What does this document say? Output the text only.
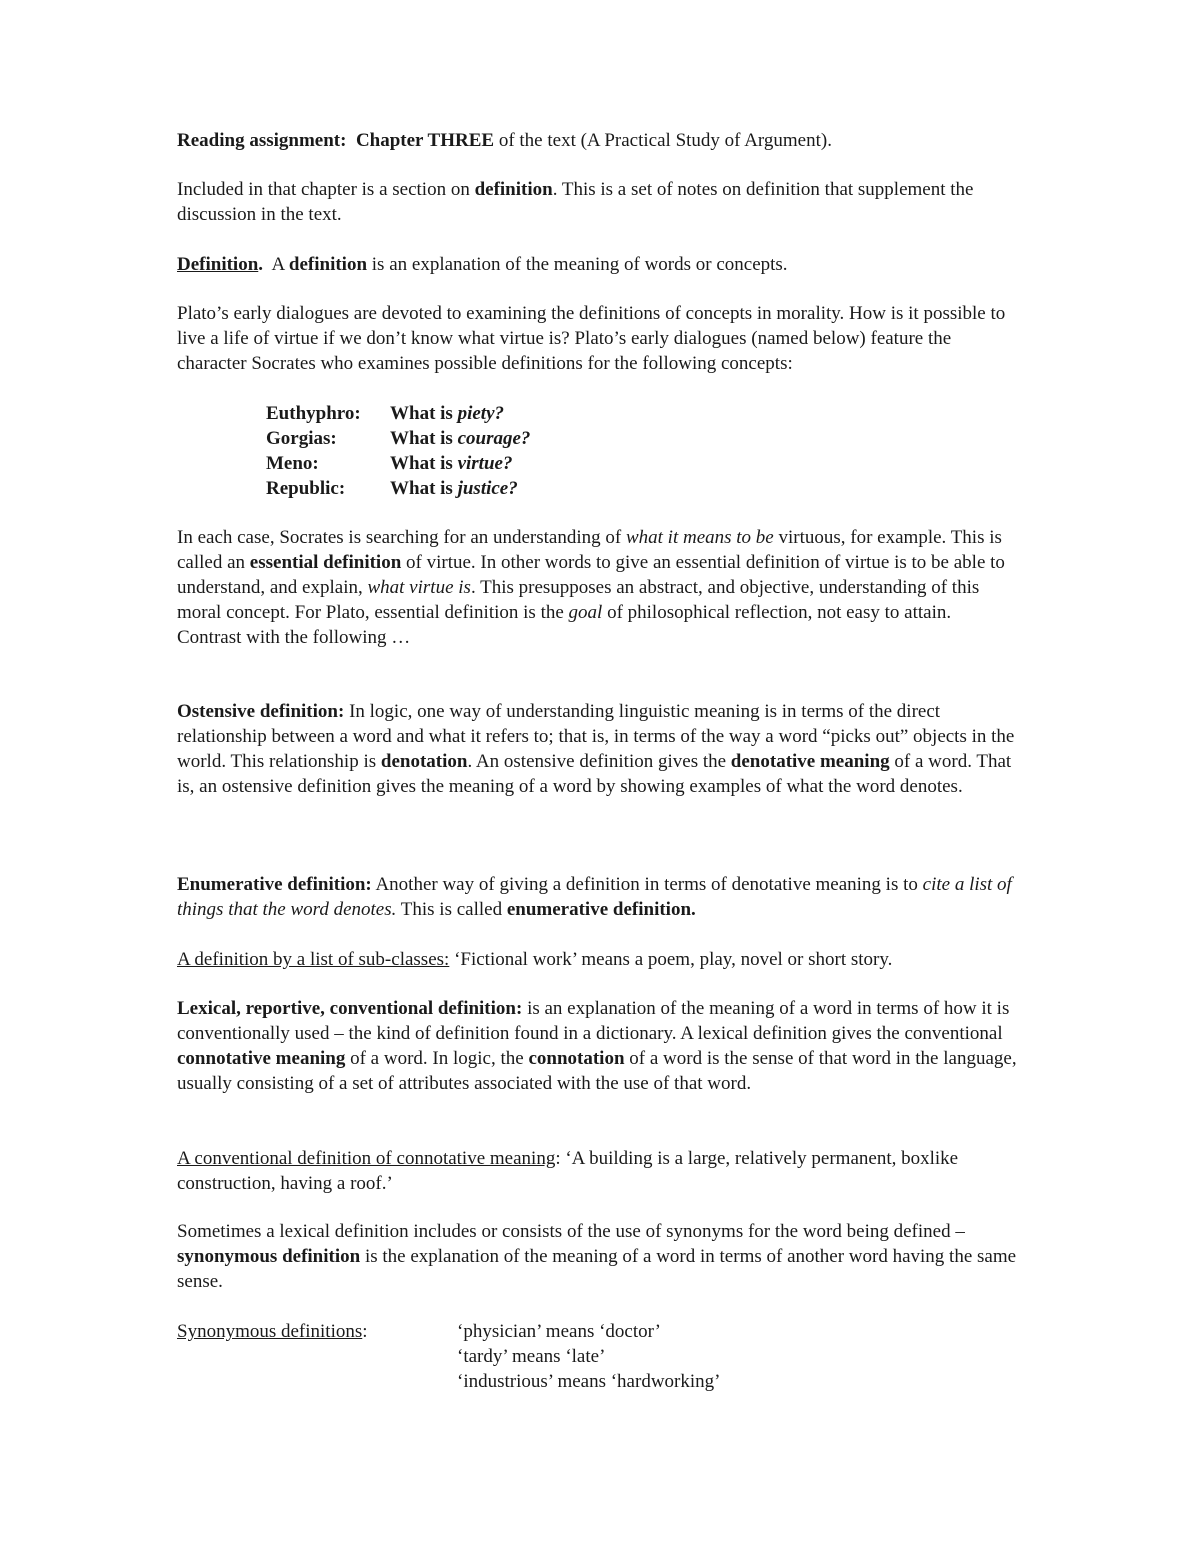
Reading assignment: Chapter THREE of the text (A Practical Study of Argument).

Included in that chapter is a section on definition. This is a set of notes on definition that supplement the discussion in the text.

Definition.  A definition is an explanation of the meaning of words or concepts.

Plato’s early dialogues are devoted to examining the definitions of concepts in morality. How is it possible to live a life of virtue if we don’t know what virtue is? Plato’s early dialogues (named below) feature the character Socrates who examines possible definitions for the following concepts:

Euthyphro: What is piety?
Gorgias:	What is courage?
Meno:	What is virtue?
Republic: What is justice?

In each case, Socrates is searching for an understanding of what it means to be virtuous, for example. This is called an essential definition of virtue. In other words to give an essential definition of virtue is to be able to understand, and explain, what virtue is. This presupposes an abstract, and objective, understanding of this moral concept. For Plato, essential definition is the goal of philosophical reflection, not easy to attain. Contrast with the following …

Ostensive definition: In logic, one way of understanding linguistic meaning is in terms of the direct relationship between a word and what it refers to; that is, in terms of the way a word “picks out” objects in the world. This relationship is denotation. An ostensive definition gives the denotative meaning of a word. That is, an ostensive definition gives the meaning of a word by showing examples of what the word denotes.

Enumerative definition: Another way of giving a definition in terms of denotative meaning is to cite a list of things that the word denotes. This is called enumerative definition.

A definition by a list of sub-classes: ‘Fictional work’ means a poem, play, novel or short story.

Lexical, reportive, conventional definition: is an explanation of the meaning of a word in terms of how it is conventionally used – the kind of definition found in a dictionary. A lexical definition gives the conventional connotative meaning of a word. In logic, the connotation of a word is the sense of that word in the language, usually consisting of a set of attributes associated with the use of that word.

A conventional definition of connotative meaning: ‘A building is a large, relatively permanent, boxlike construction, having a roof.’

Sometimes a lexical definition includes or consists of the use of synonyms for the word being defined – synonymous definition is the explanation of the meaning of a word in terms of another word having the same sense.

Synonymous definitions:	‘physician’ means ‘doctor’
‘tardy’ means ‘late’
‘industrious’ means ‘hardworking’
